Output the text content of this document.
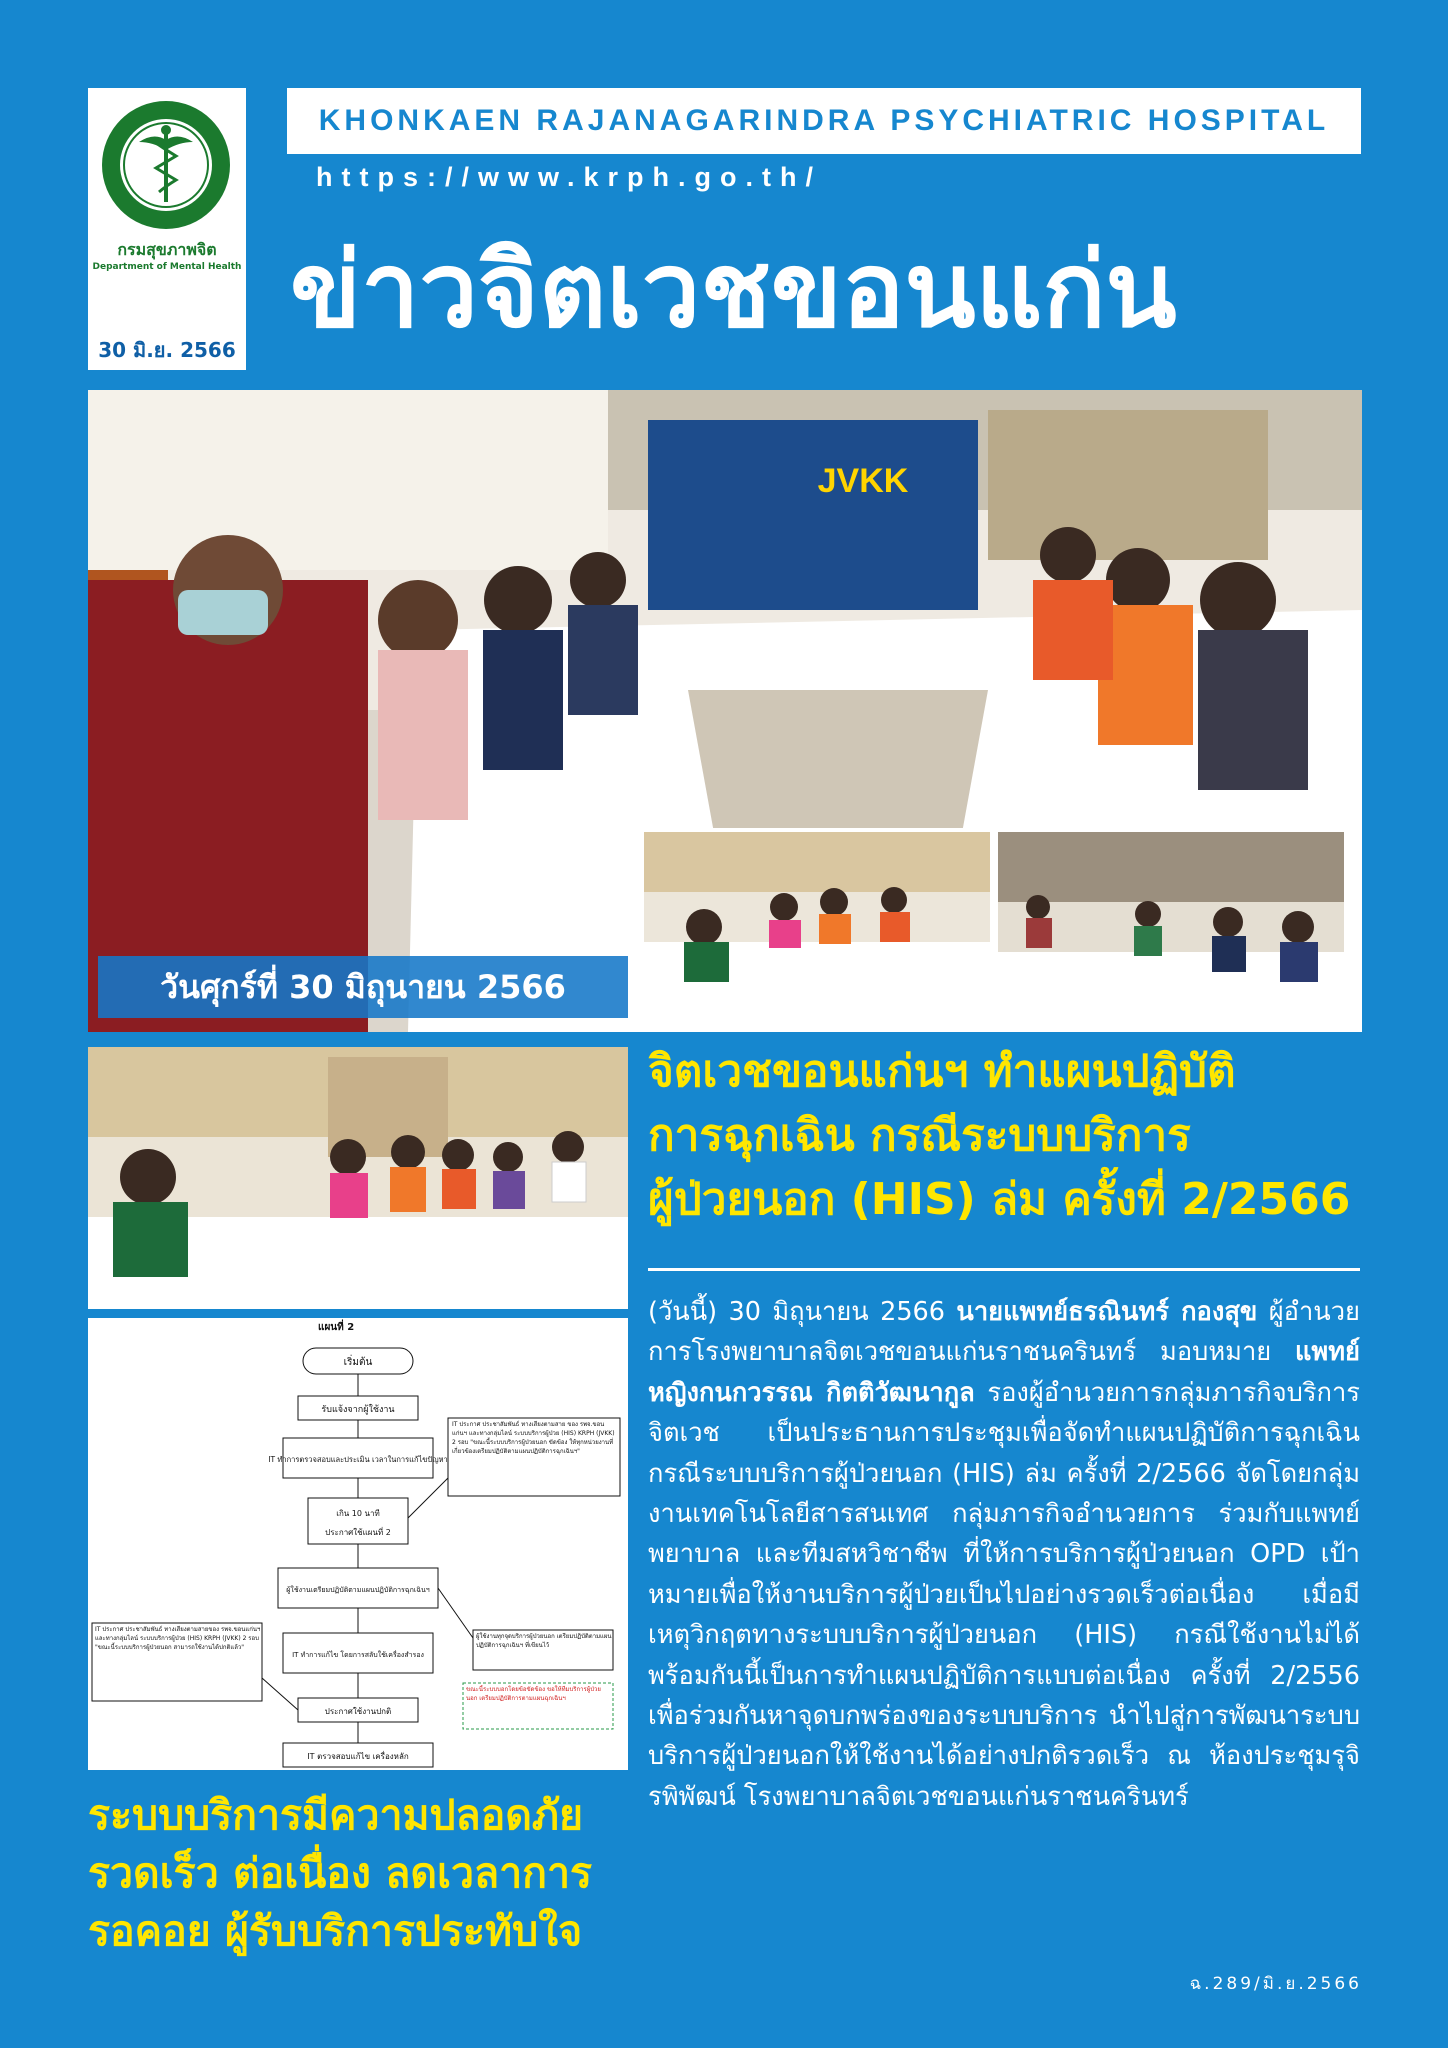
กรมสุขภาพจิต
Department of Mental Health
30 มิ.ย. 2566
KHONKAEN RAJANAGARINDRA PSYCHIATRIC HOSPITAL
https://www.krph.go.th/
ข่าวจิตเวชขอนแก่น
JVKK
วันศุกร์ที่ 30 มิถุนายน 2566
แผนที่ 2
เริ่มต้น
รับแจ้งจากผู้ใช้งาน
IT ทำการตรวจสอบและประเมิน เวลาในการแก้ไขปัญหา
เกิน 10 นาที
ประกาศใช้แผนที่ 2
IT ประกาศ ประชาสัมพันธ์ ทางเสียงตามสาย ของ รพจ.ขอนแก่นฯ และทางกลุ่มไลน์ ระบบบริการผู้ป่วย (HIS) KRPH (JVKK) 2 รอบ "ขณะนี้ระบบบริการผู้ป่วยนอก ขัดข้อง ให้ทุกหน่วยงานที่เกี่ยวข้องเตรียมปฏิบัติตามแผนปฏิบัติการฉุกเฉินฯ"
ผู้ใช้งานเตรียมปฏิบัติตามแผนปฏิบัติการฉุกเฉินฯ
IT ทำการแก้ไข โดยการสลับใช้เครื่องสำรอง
ผู้ใช้งานทุกจุดบริการผู้ป่วยนอก เตรียมปฏิบัติตามแผนปฏิบัติการฉุกเฉินฯ ที่เขียนไว้
IT ประกาศ ประชาสัมพันธ์ ทางเสียงตามสายของ รพจ.ขอนแก่นฯ และทางกลุ่มไลน์ ระบบบริการผู้ป่วย (HIS) KRPH (JVKK) 2 รอบ "ขณะนี้ระบบบริการผู้ป่วยนอก สามารถใช้งานได้ปกติแล้ว"
ประกาศใช้งานปกติ
ขณะนี้ระบบบอกโดยข้อขัดข้อง ขอให้ทีมบริการผู้ป่วยนอก เตรียมปฏิบัติการตามแผนฉุกเฉินฯ
IT ตรวจสอบแก้ไข เครื่องหลัก
ระบบบริการมีความปลอดภัย
รวดเร็ว ต่อเนื่อง ลดเวลาการ
รอคอย ผู้รับบริการประทับใจ
จิตเวชขอนแก่นฯ ทำแผนปฏิบัติ
การฉุกเฉิน กรณีระบบบริการ
ผู้ป่วยนอก (HIS) ล่ม ครั้งที่ 2/2566
(วันนี้) 30 มิถุนายน 2566 นายแพทย์ธรณินทร์ กองสุข ผู้อำนวยการโรงพยาบาลจิตเวชขอนแก่นราชนครินทร์ มอบหมาย แพทย์หญิงกนกวรรณ กิตติวัฒนากูล รองผู้อำนวยการกลุ่มภารกิจบริการจิตเวช เป็นประธานการประชุมเพื่อจัดทำแผนปฏิบัติการฉุกเฉินกรณีระบบบริการผู้ป่วยนอก (HIS) ล่ม ครั้งที่ 2/2566 จัดโดยกลุ่มงานเทคโนโลยีสารสนเทศ กลุ่มภารกิจอำนวยการ ร่วมกับแพทย์ พยาบาล และทีมสหวิชาชีพ ที่ให้การบริการผู้ป่วยนอก OPD เป้าหมายเพื่อให้งานบริการผู้ป่วยเป็นไปอย่างรวดเร็วต่อเนื่อง เมื่อมีเหตุวิกฤตทางระบบบริการผู้ป่วยนอก (HIS) กรณีใช้งานไม่ได้ พร้อมกันนี้เป็นการทำแผนปฏิบัติการแบบต่อเนื่อง ครั้งที่ 2/2556 เพื่อร่วมกันหาจุดบกพร่องของระบบบริการ นำไปสู่การพัฒนาระบบบริการผู้ป่วยนอกให้ใช้งานได้อย่างปกติรวดเร็ว ณ ห้องประชุมรุจิรพิพัฒน์ โรงพยาบาลจิตเวชขอนแก่นราชนครินทร์
ฉ.289/มิ.ย.2566
